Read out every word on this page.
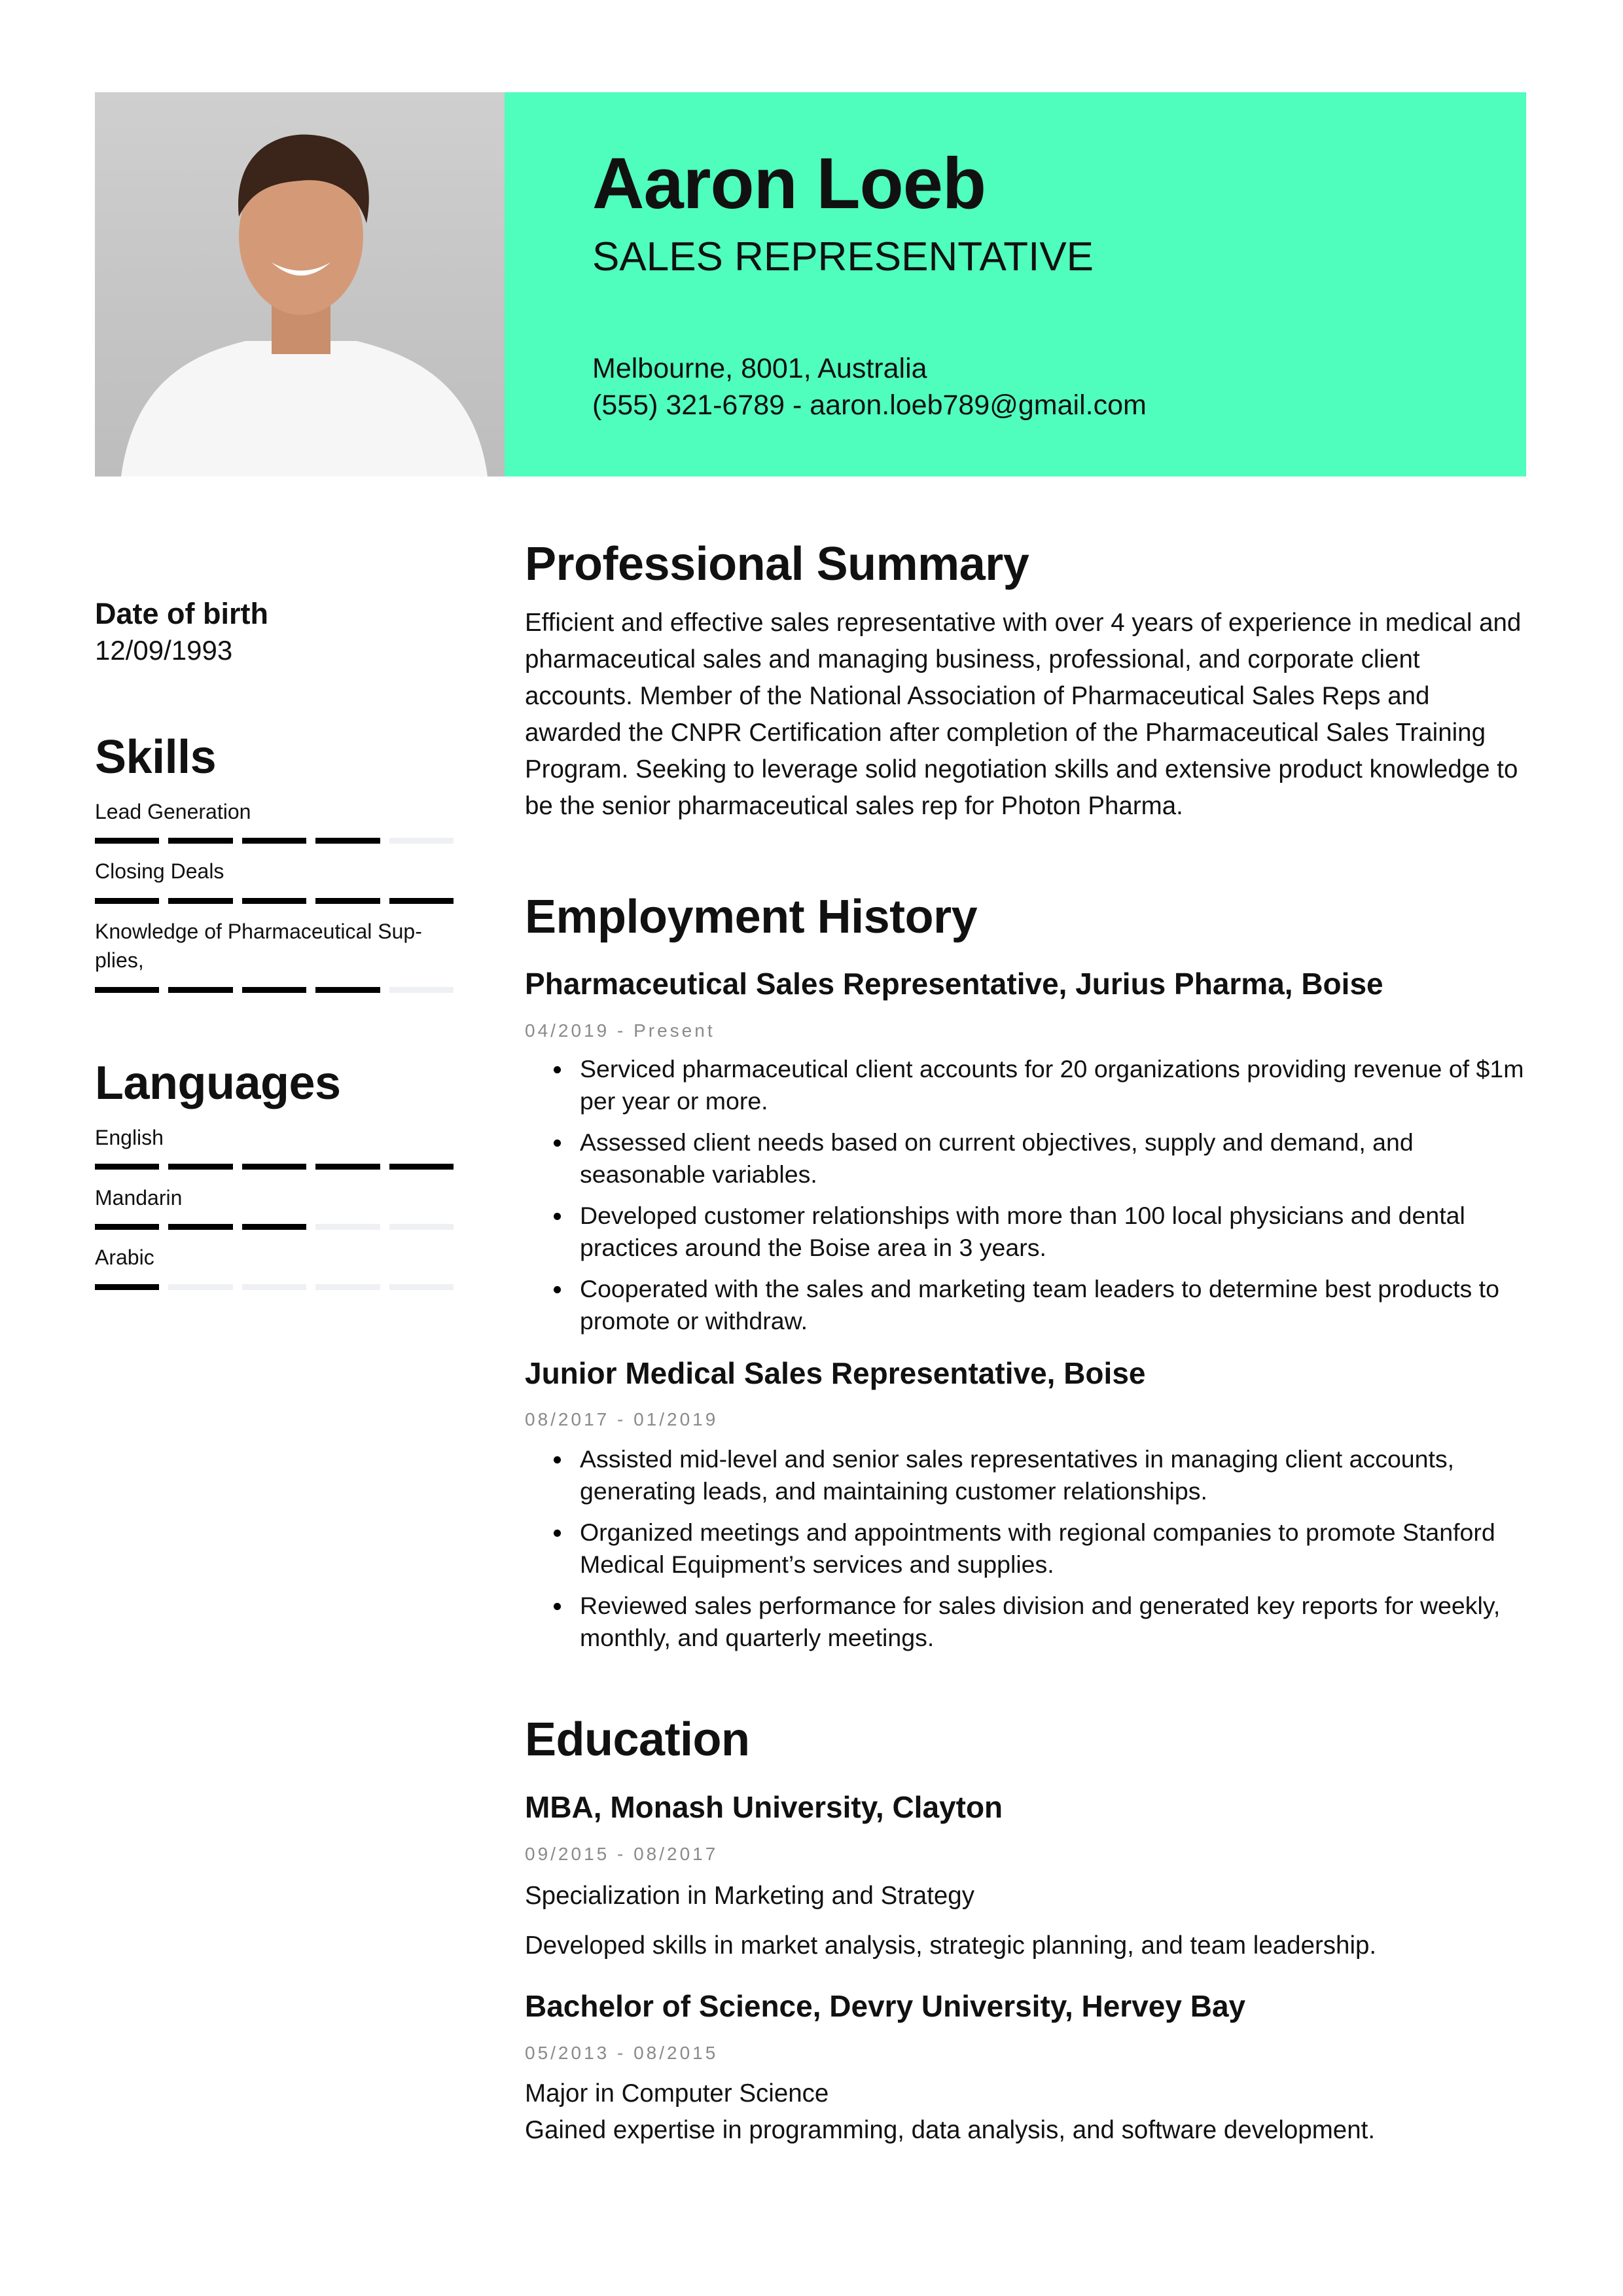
Aaron Loeb
SALES REPRESENTATIVE
Melbourne, 8001, Australia
(555) 321-6789 - aaron.loeb789@gmail.com
Date of birth
12/09/1993
Skills
Lead Generation
Closing Deals
Knowledge of Pharmaceutical Sup-plies,
Languages
English
Mandarin
Arabic
Professional Summary
Efficient and effective sales representative with over 4 years of experience in medical and pharmaceutical sales and managing business, professional, and corporate client accounts. Member of the National Association of Pharmaceutical Sales Reps and awarded the CNPR Certification after completion of the Pharmaceutical Sales Training Program. Seeking to leverage solid negotiation skills and extensive product knowledge to be the senior pharmaceutical sales rep for Photon Pharma.
Employment History
Pharmaceutical Sales Representative, Jurius Pharma, Boise
04/2019 - Present
Serviced pharmaceutical client accounts for 20 organizations providing revenue of $1m per year or more.
Assessed client needs based on current objectives, supply and demand, and seasonable variables.
Developed customer relationships with more than 100 local physicians and dental practices around the Boise area in 3 years.
Cooperated with the sales and marketing team leaders to determine best products to promote or withdraw.
Junior Medical Sales Representative, Boise
08/2017 - 01/2019
Assisted mid-level and senior sales representatives in managing client accounts, generating leads, and maintaining customer relationships.
Organized meetings and appointments with regional companies to promote Stanford Medical Equipment’s services and supplies.
Reviewed sales performance for sales division and generated key reports for weekly, monthly, and quarterly meetings.
Education
MBA, Monash University, Clayton
09/2015 - 08/2017
Specialization in Marketing and Strategy
Developed skills in market analysis, strategic planning, and team leadership.
Bachelor of Science, Devry University, Hervey Bay
05/2013 - 08/2015
Major in Computer Science
Gained expertise in programming, data analysis, and software development.
